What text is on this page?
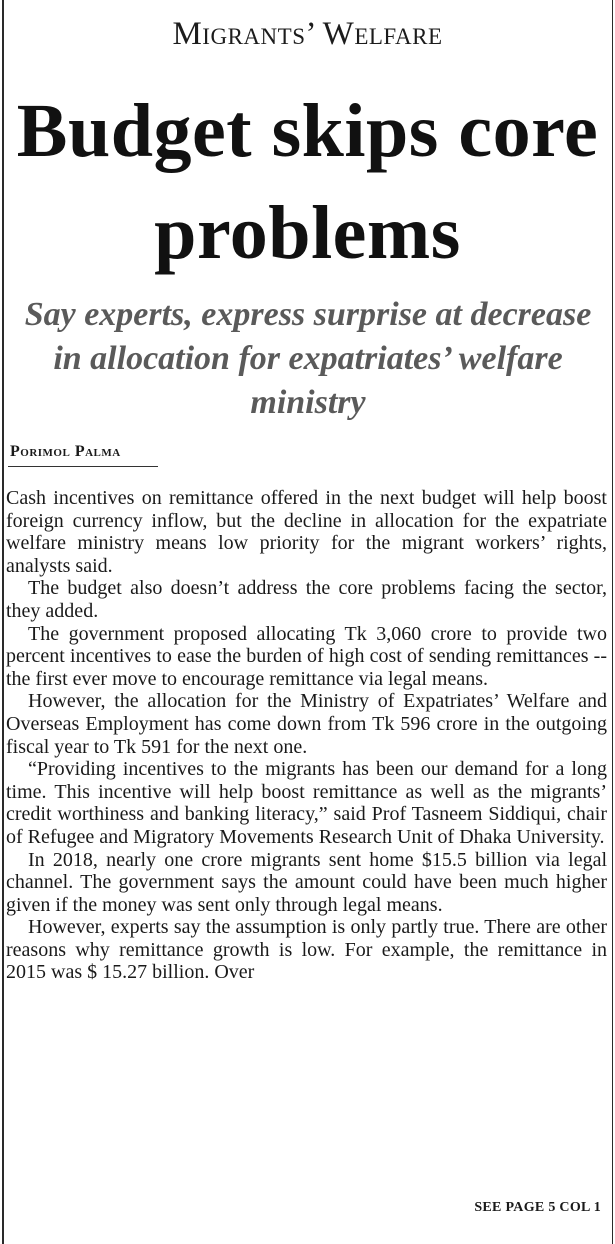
Migrants’ Welfare
Budget skips core problems
Say experts, express surprise at decrease in allocation for expatriates’ welfare ministry
Porimol Palma

Cash incentives on remittance offered in the next budget will help boost foreign currency inflow, but the decline in allocation for the expatriate welfare ministry means low priority for the migrant workers’ rights, analysts said.

The budget also doesn’t address the core problems facing the sector, they added.

The government proposed allocating Tk 3,060 crore to provide two percent incentives to ease the burden of high cost of sending remittances -- the first ever move to encourage remittance via legal means.

However, the allocation for the Ministry of Expatriates’ Welfare and Overseas Employment has come down from Tk 596 crore in the outgoing fiscal year to Tk 591 for the next one.

“Providing incentives to the migrants has been our demand for a long time. This incentive will help boost remittance as well as the migrants’ credit worthiness and banking literacy,” said Prof Tasneem Siddiqui, chair of Refugee and Migratory Movements Research Unit of Dhaka University.

In 2018, nearly one crore migrants sent home $15.5 billion via legal channel. The government says the amount could have been much higher given if the money was sent only through legal means.

However, experts say the assumption is only partly true. There are other reasons why remittance growth is low. For example, the remittance in 2015 was $ 15.27 billion. Over

SEE PAGE 5 COL 1
